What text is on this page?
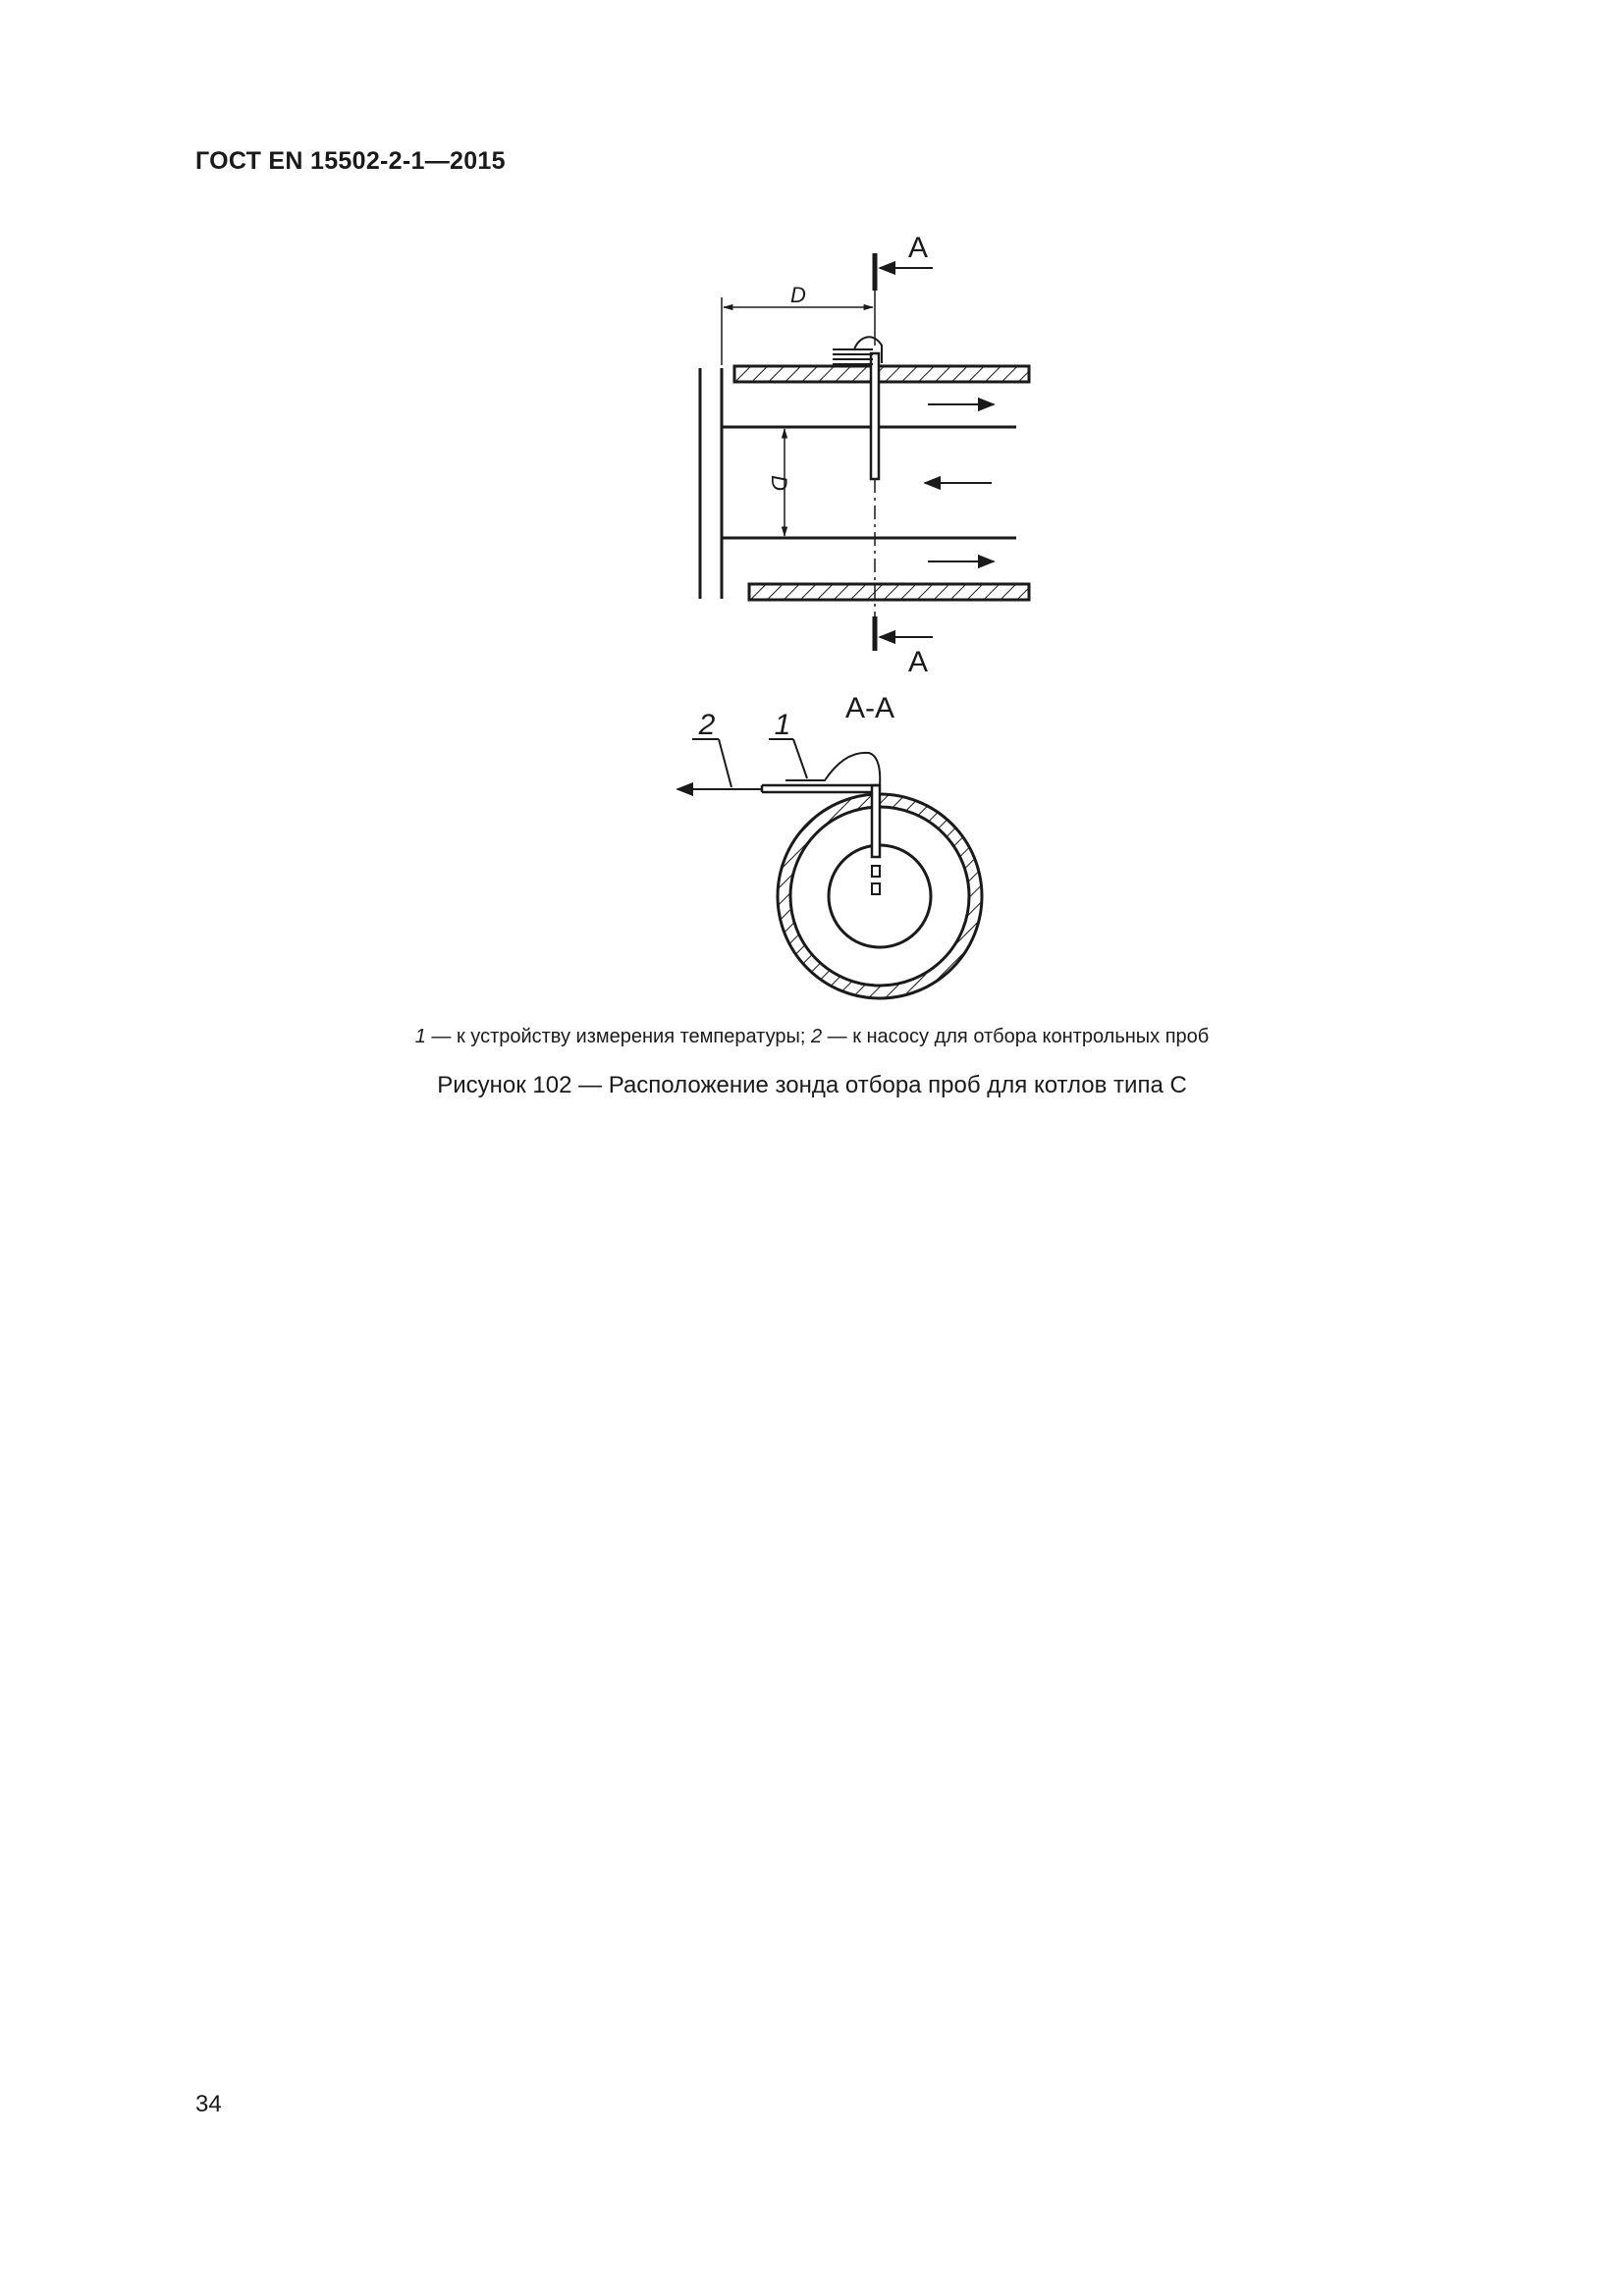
ГОСТ EN 15502-2-1—2015
D
D
A
A
A-A
2 1

1 — к устройству измерения температуры; 2 — к насосу для отбора контрольных проб

Рисунок 102 — Расположение зонда отбора проб для котлов типа С

34
